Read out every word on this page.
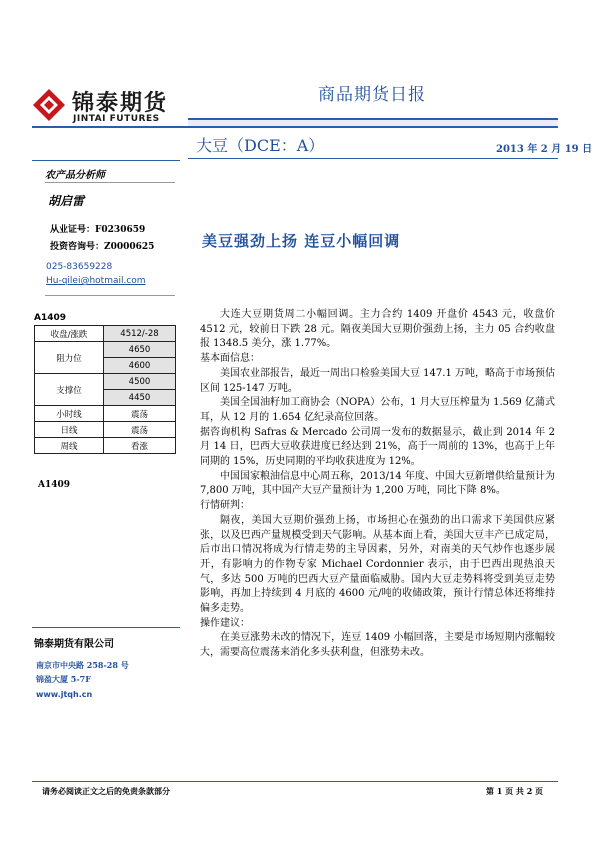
锦泰期货
JINTAI FUTURES
商品期货日报
大豆（DCE：A）	2013 年 2 月 19 日
农产品分析师
胡启雷
从业证号：F0230659
投资咨询号：Z0000625
025-83659228
Hu-qilei@hotmail.com
A1409
收盘/涨跌	4512/-28
阻力位	4650
	4600
支撑位	4500
	4450
小时线	震荡
日线	震荡
周线	看涨
A1409
锦泰期货有限公司
南京市中央路 258-28 号
锦盈大厦 5-7F
www.jtqh.cn
美豆强劲上扬 连豆小幅回调

大连大豆期货周二小幅回调。主力合约 1409 开盘价 4543 元，收盘价 4512 元，较前日下跌 28 元。隔夜美国大豆期价强劲上扬，主力 05 合约收盘报 1348.5 美分，涨 1.77%。

基本面信息：

美国农业部报告，最近一周出口检验美国大豆 147.1 万吨，略高于市场预估区间 125-147 万吨。

美国全国油籽加工商协会（NOPA）公布，1 月大豆压榨量为 1.569 亿蒲式耳，从 12 月的 1.654 亿纪录高位回落。

据咨询机构 Safras & Mercado 公司周一发布的数据显示，截止到 2014 年 2 月 14 日，巴西大豆收获进度已经达到 21%，高于一周前的 13%，也高于上年同期的 15%，历史同期的平均收获进度为 12%。

中国国家粮油信息中心周五称，2013/14 年度、中国大豆新增供给量预计为 7,800 万吨，其中国产大豆产量预计为 1,200 万吨，同比下降 8%。

行情研判：

隔夜，美国大豆期价强劲上扬，市场担心在强劲的出口需求下美国供应紧张，以及巴西产量规模受到天气影响。从基本面上看，美国大豆丰产已成定局，后市出口情况将成为行情走势的主导因素，另外，对南美的天气炒作也逐步展开，有影响力的作物专家 Michael Cordonnier 表示，由于巴西出现热浪天气，多达 500 万吨的巴西大豆产量面临威胁。国内大豆走势料将受到美豆走势影响，再加上持续到 4 月底的 4600 元/吨的收储政策，预计行情总体还将维持偏多走势。

操作建议：

在美豆涨势未改的情况下，连豆 1409 小幅回落，主要是市场短期内涨幅较大，需要高位震荡来消化多头获利盘，但涨势未改。

请务必阅读正文之后的免责条款部分	第 1 页 共 2 页
